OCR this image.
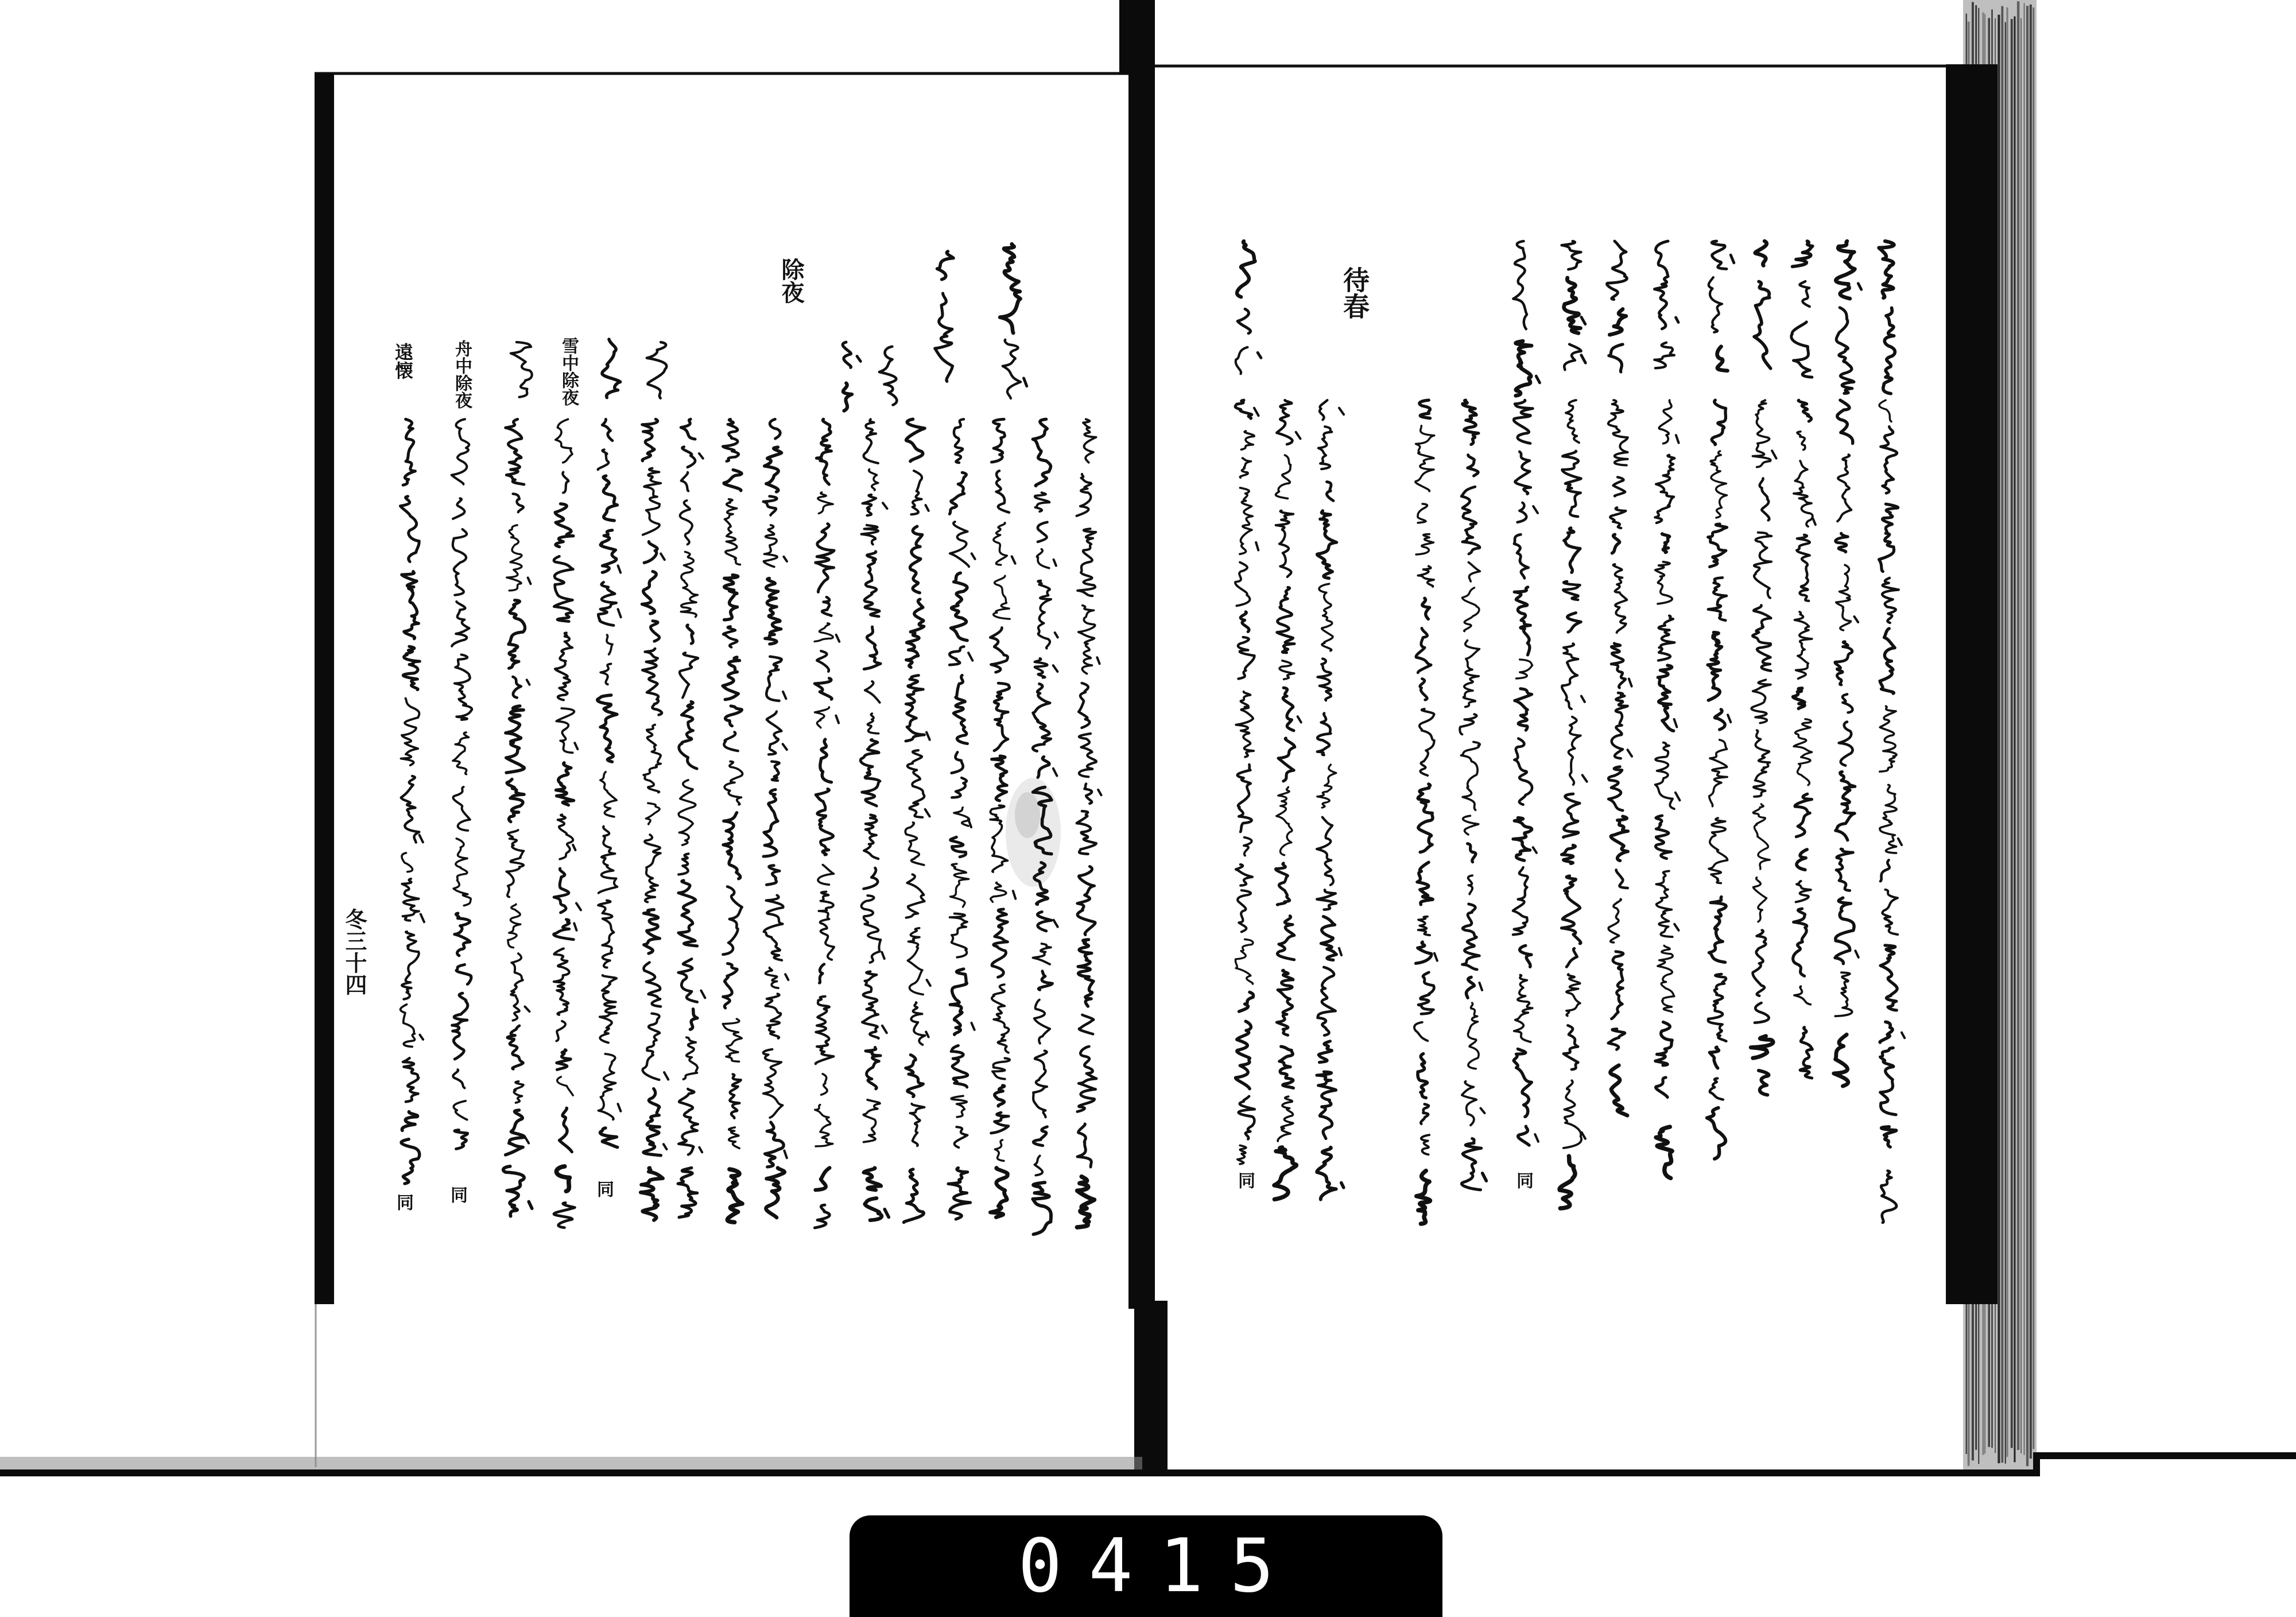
待春
同
同
除夜
雪中除夜
舟中除夜
遠懐
同
同
同
冬三十四
0415
